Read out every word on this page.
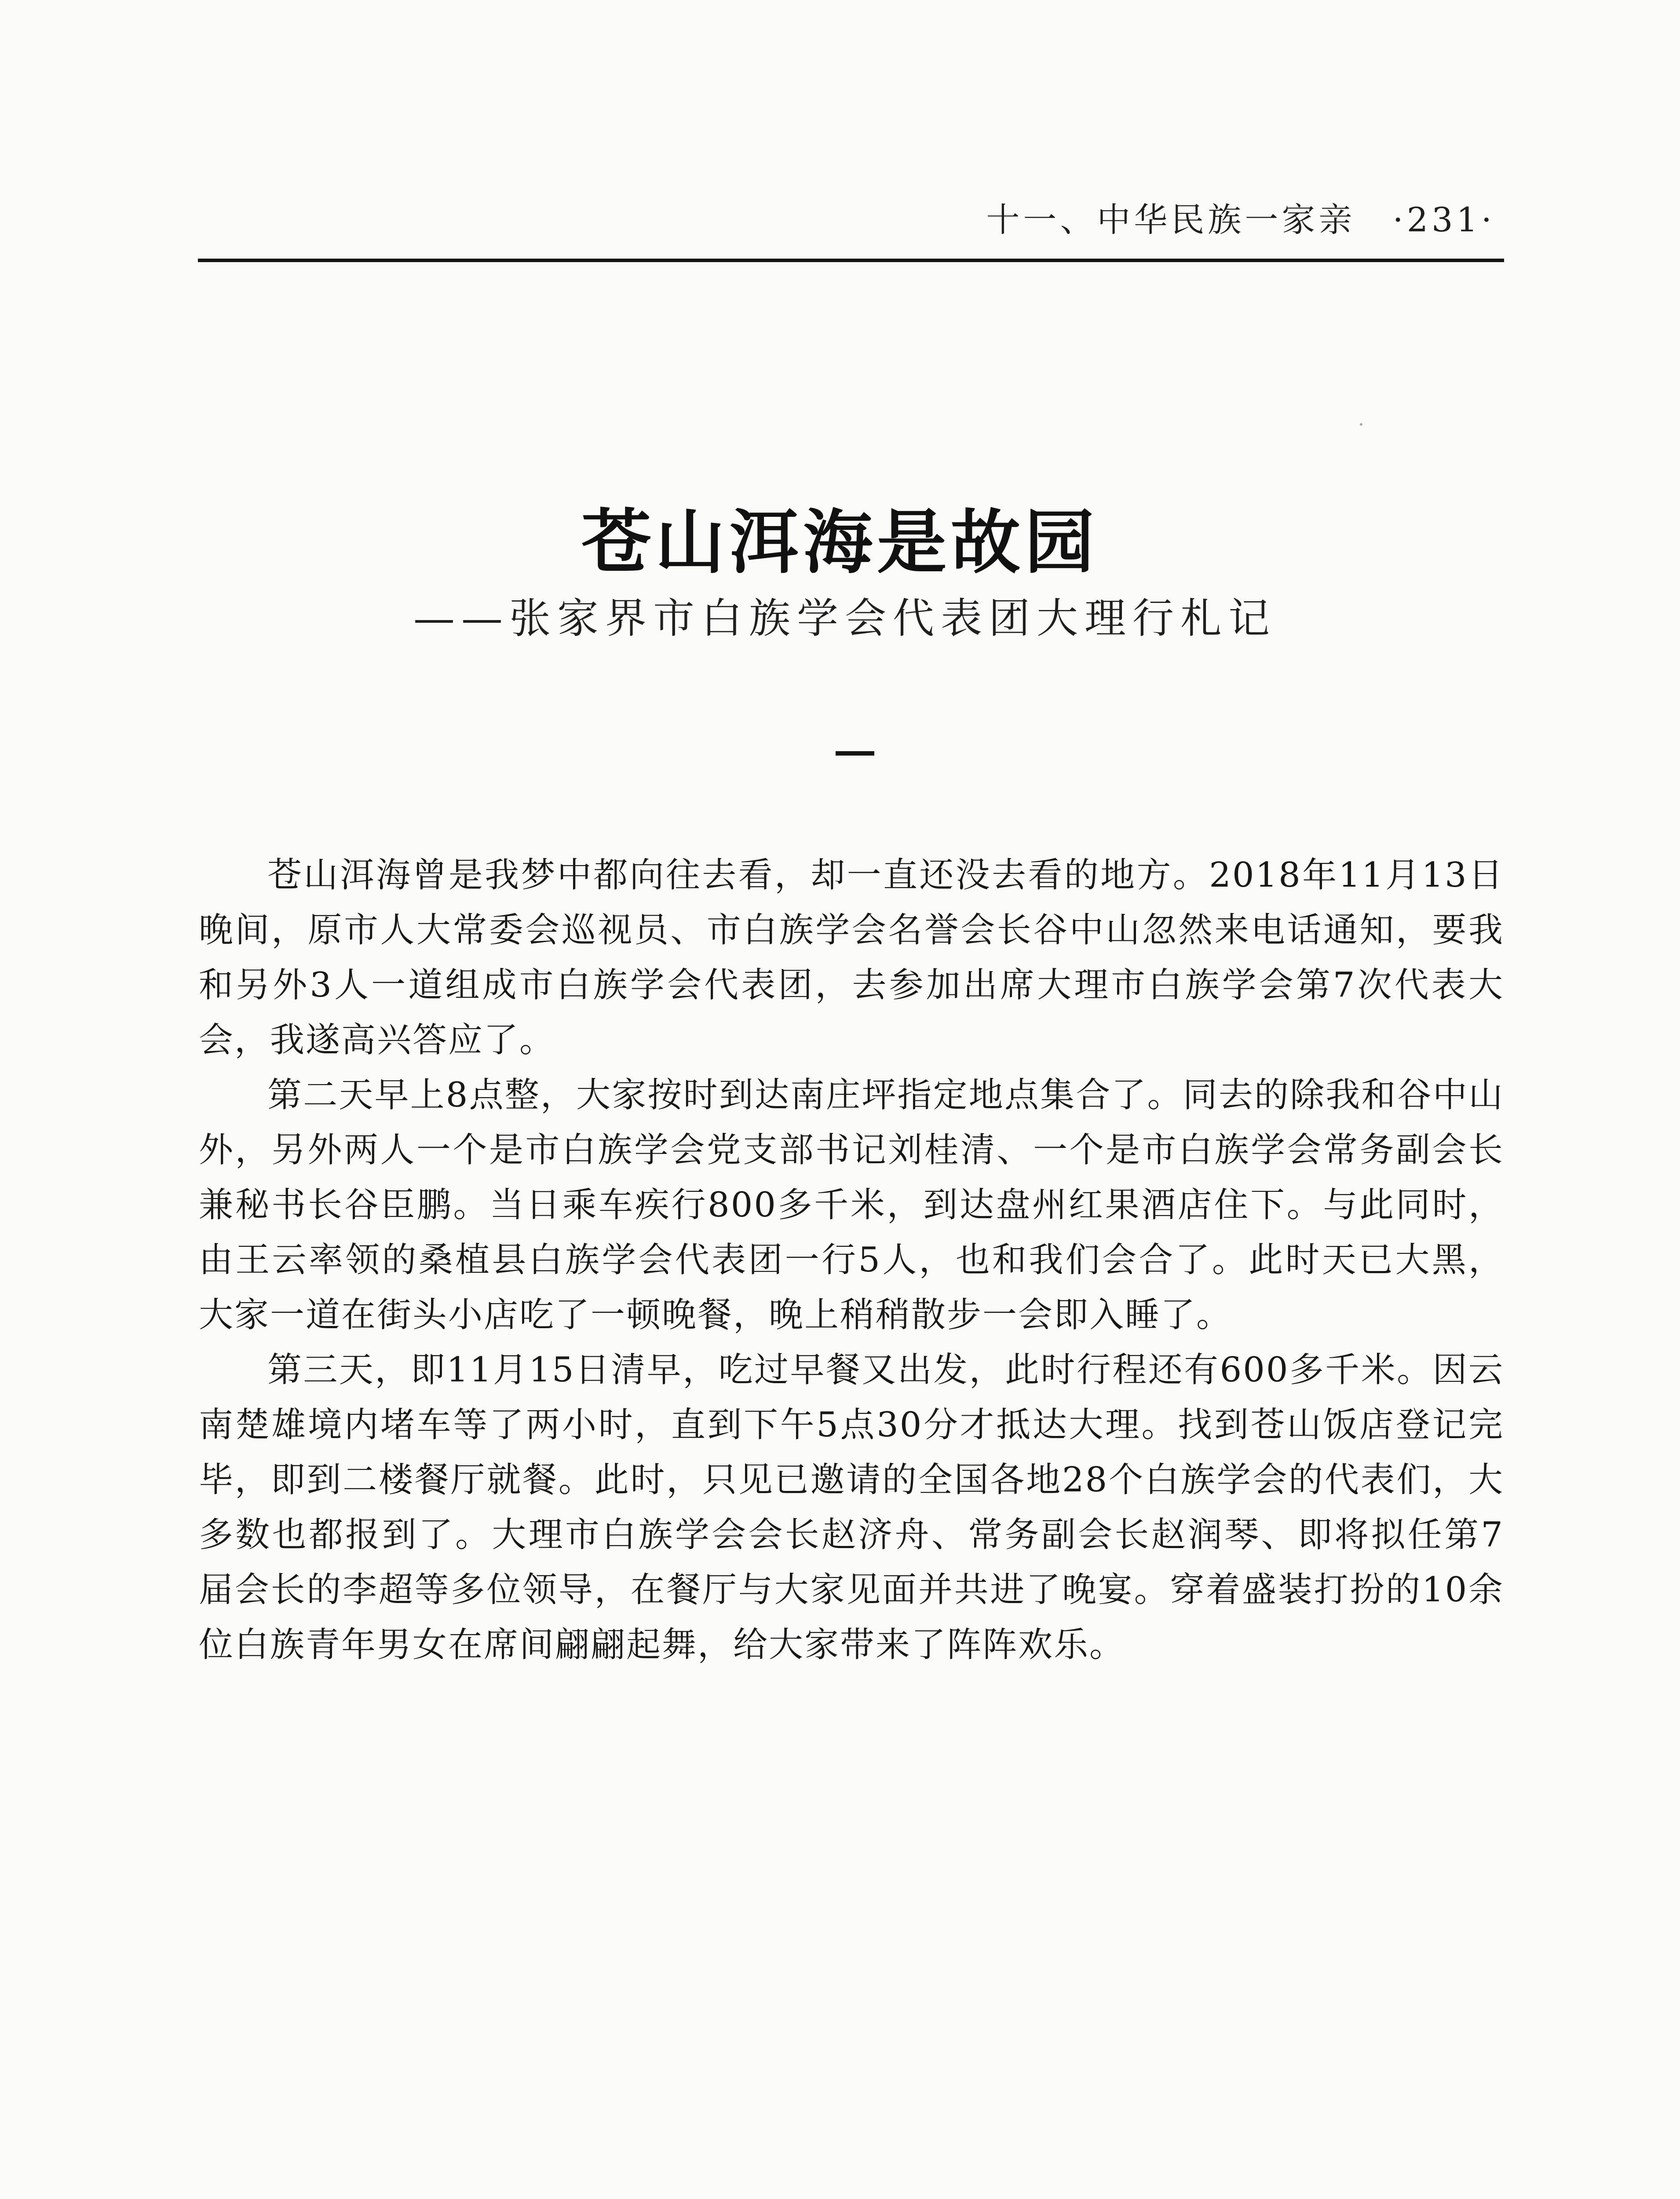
十一、中华民族一家亲 ·231·
苍山洱海是故园
——张家界市白族学会代表团大理行札记

苍山洱海曾是我梦中都向往去看，却一直还没去看的地方。2018年11月13日晚间，原市人大常委会巡视员、市白族学会名誉会长谷中山忽然来电话通知，要我和另外3人一道组成市白族学会代表团，去参加出席大理市白族学会第7次代表大会，我遂高兴答应了。

第二天早上8点整，大家按时到达南庄坪指定地点集合了。同去的除我和谷中山外，另外两人一个是市白族学会党支部书记刘桂清、一个是市白族学会常务副会长兼秘书长谷臣鹏。当日乘车疾行800多千米，到达盘州红果酒店住下。与此同时，由王云率领的桑植县白族学会代表团一行5人，也和我们会合了。此时天已大黑，大家一道在街头小店吃了一顿晚餐，晚上稍稍散步一会即入睡了。

第三天，即11月15日清早，吃过早餐又出发，此时行程还有600多千米。因云南楚雄境内堵车等了两小时，直到下午5点30分才抵达大理。找到苍山饭店登记完毕，即到二楼餐厅就餐。此时，只见已邀请的全国各地28个白族学会的代表们，大多数也都报到了。大理市白族学会会长赵济舟、常务副会长赵润琴、即将拟任第7届会长的李超等多位领导，在餐厅与大家见面并共进了晚宴。穿着盛装打扮的10余位白族青年男女在席间翩翩起舞，给大家带来了阵阵欢乐。
